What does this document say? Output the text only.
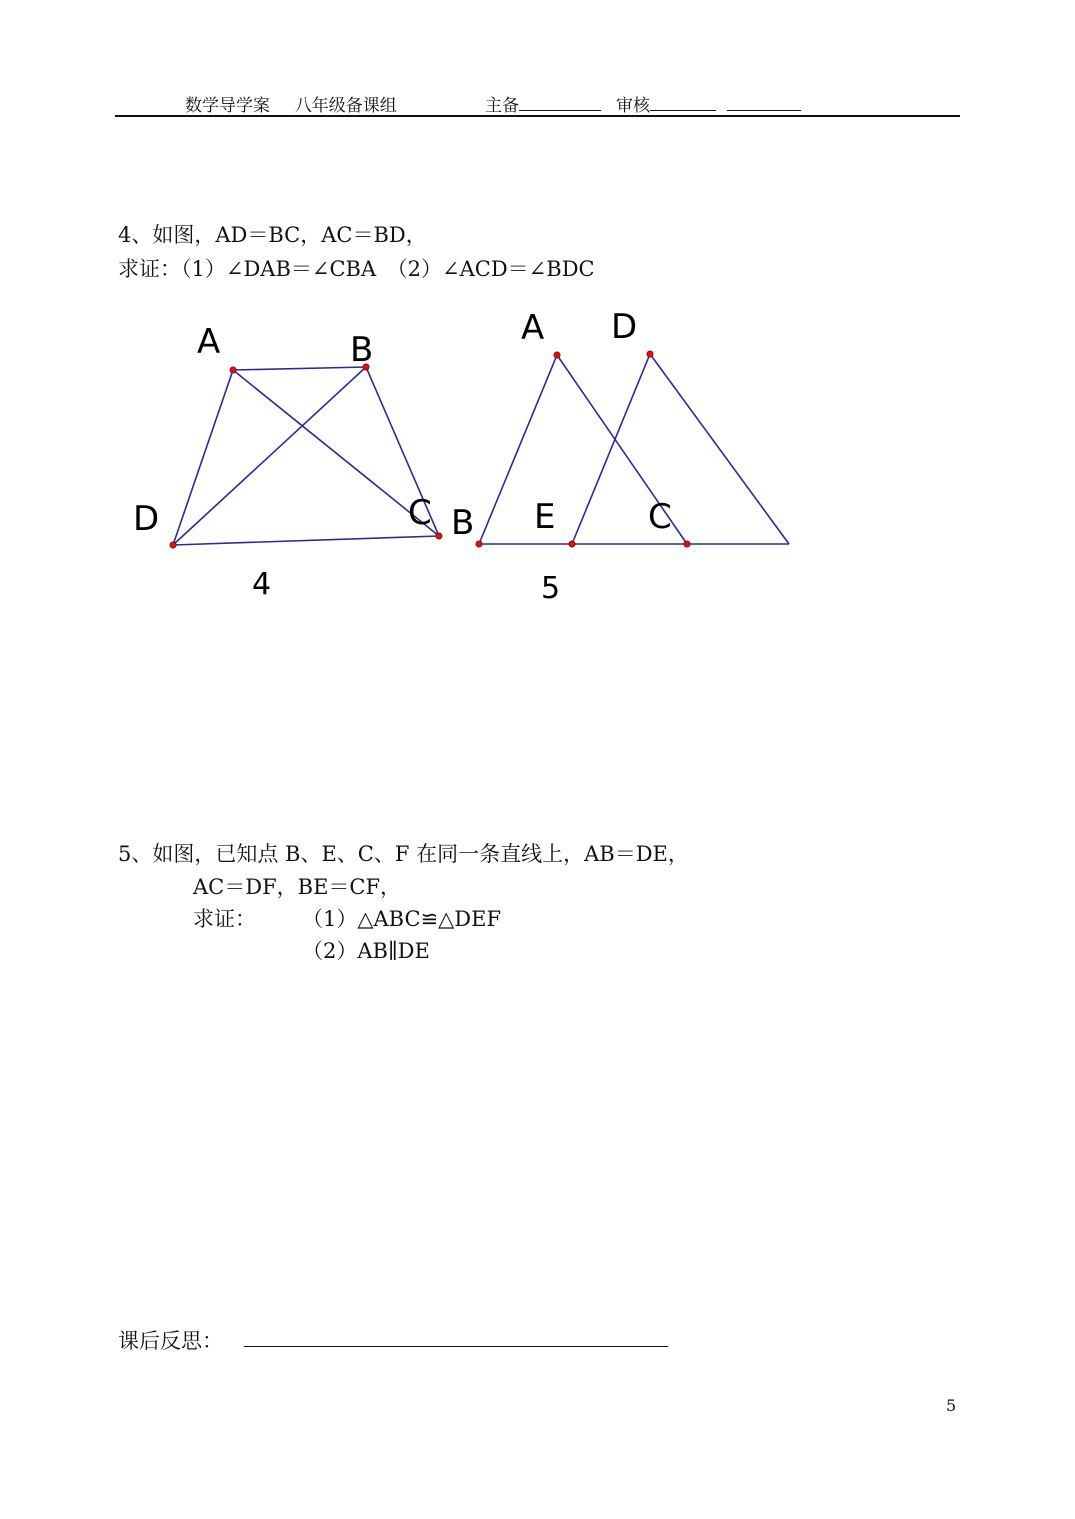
数学导学案 八年级备课组	主备	审核
4、如图，AD＝BC，AC＝BD，
求证：（1）∠DAB＝∠CBA　（2）∠ACD＝∠BDC
A	B
C
D
4
A D
B E	C
5
5、如图，已知点 B、E、C、F 在同一条直线上，AB＝DE，
AC＝DF，BE＝CF，
求证： （1）△ABC≌△DEF
（2）AB∥DE
课后反思：
5
